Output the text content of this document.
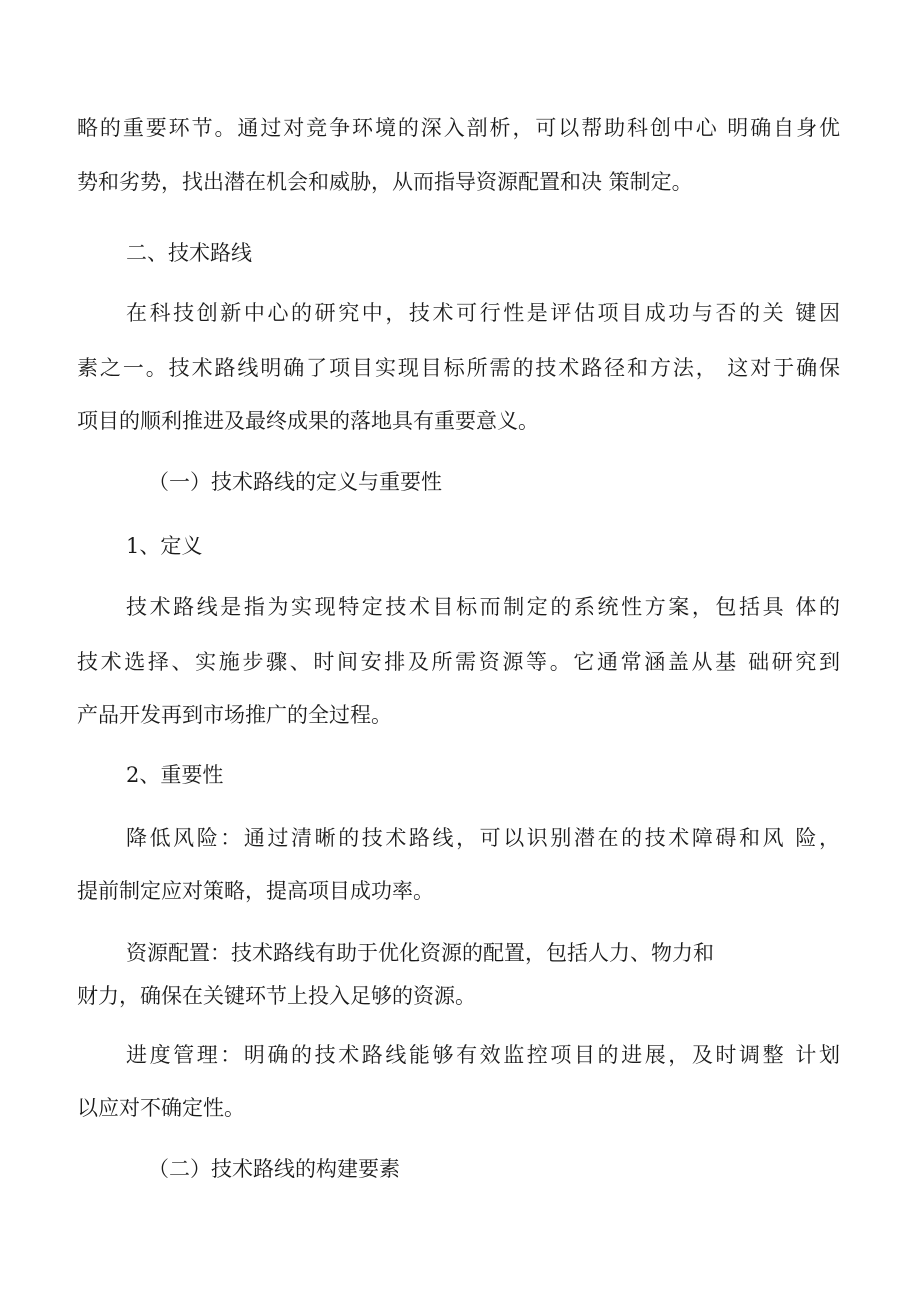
略的重要环节。通过对竞争环境的深入剖析，可以帮助科创中心 明确自身优
势和劣势，找出潜在机会和威胁，从而指导资源配置和决 策制定。
二、技术路线
在科技创新中心的研究中，技术可行性是评估项目成功与否的关 键因
素之一。技术路线明确了项目实现目标所需的技术路径和方法， 这对于确保
项目的顺利推进及最终成果的落地具有重要意义。
（一）技术路线的定义与重要性
1、定义
技术路线是指为实现特定技术目标而制定的系统性方案，包括具 体的
技术选择、实施步骤、时间安排及所需资源等。它通常涵盖从基 础研究到
产品开发再到市场推广的全过程。
2、重要性
降低风险：通过清晰的技术路线，可以识别潜在的技术障碍和风 险，
提前制定应对策略，提高项目成功率。
资源配置：技术路线有助于优化资源的配置，包括人力、物力和
财力，确保在关键环节上投入足够的资源。
进度管理：明确的技术路线能够有效监控项目的进展，及时调整 计划
以应对不确定性。
（二）技术路线的构建要素
